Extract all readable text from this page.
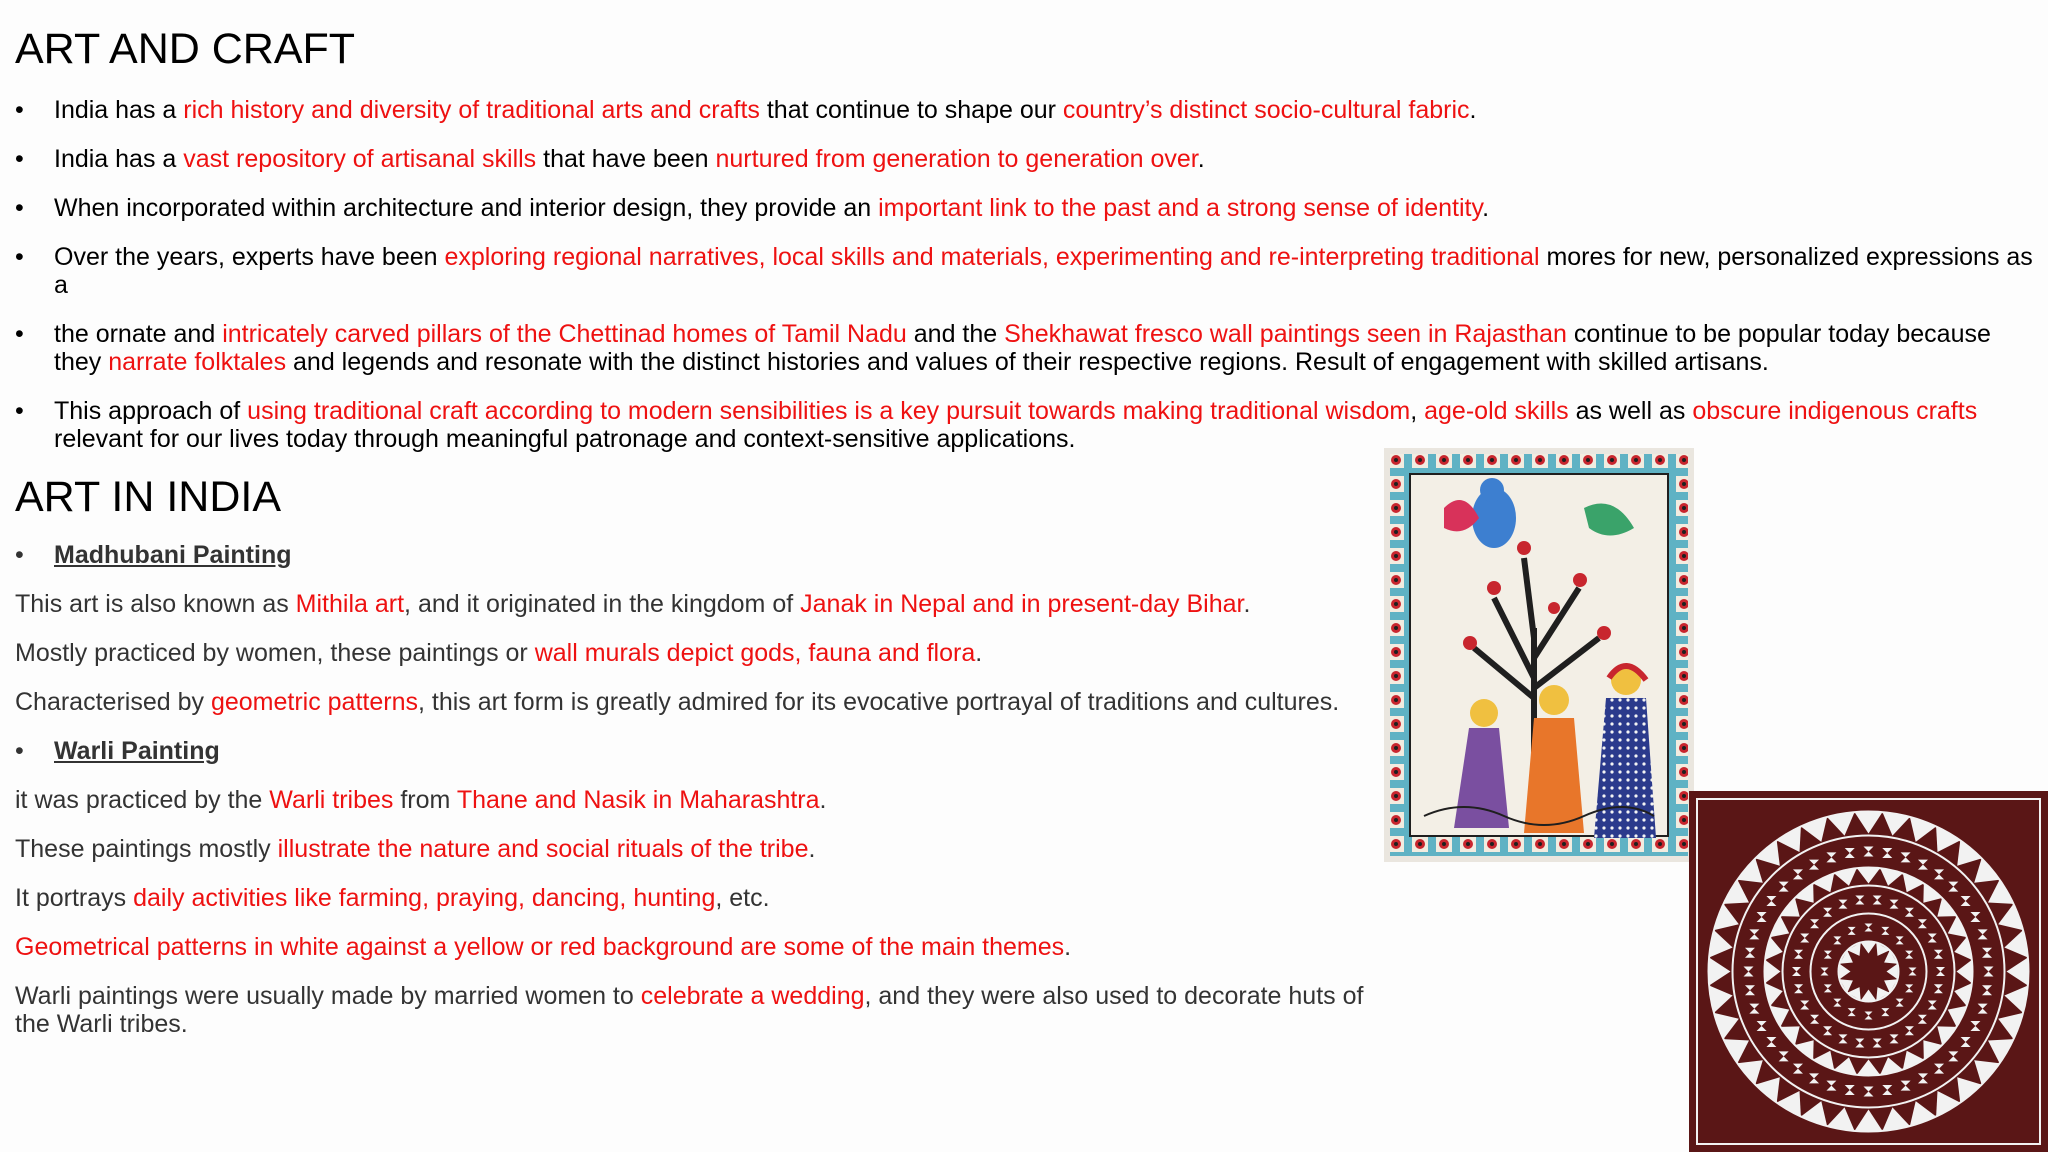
ART AND CRAFT
• India has a rich history and diversity of traditional arts and crafts that continue to shape our country’s distinct socio-cultural fabric.
• India has a vast repository of artisanal skills that have been nurtured from generation to generation over.
• When incorporated within architecture and interior design, they provide an important link to the past and a strong sense of identity.
• Over the years, experts have been exploring regional narratives, local skills and materials, experimenting and re-interpreting traditional mores for new, personalized expressions as a
• the ornate and intricately carved pillars of the Chettinad homes of Tamil Nadu and the Shekhawat fresco wall paintings seen in Rajasthan continue to be popular today because they narrate folktales and legends and resonate with the distinct histories and values of their respective regions. Result of engagement with skilled artisans.
• This approach of using traditional craft according to modern sensibilities is a key pursuit towards making traditional wisdom, age-old skills as well as obscure indigenous crafts relevant for our lives today through meaningful patronage and context-sensitive applications.
ART IN INDIA

• Madhubani Painting

This art is also known as Mithila art, and it originated in the kingdom of Janak in Nepal and in present-day Bihar.

Mostly practiced by women, these paintings or wall murals depict gods, fauna and flora.

Characterised by geometric patterns, this art form is greatly admired for its evocative portrayal of traditions and cultures.

• Warli Painting

it was practiced by the Warli tribes from Thane and Nasik in Maharashtra.

These paintings mostly illustrate the nature and social rituals of the tribe.

It portrays daily activities like farming, praying, dancing, hunting, etc.

Geometrical patterns in white against a yellow or red background are some of the main themes.

Warli paintings were usually made by married women to celebrate a wedding, and they were also used to decorate huts of the Warli tribes.
